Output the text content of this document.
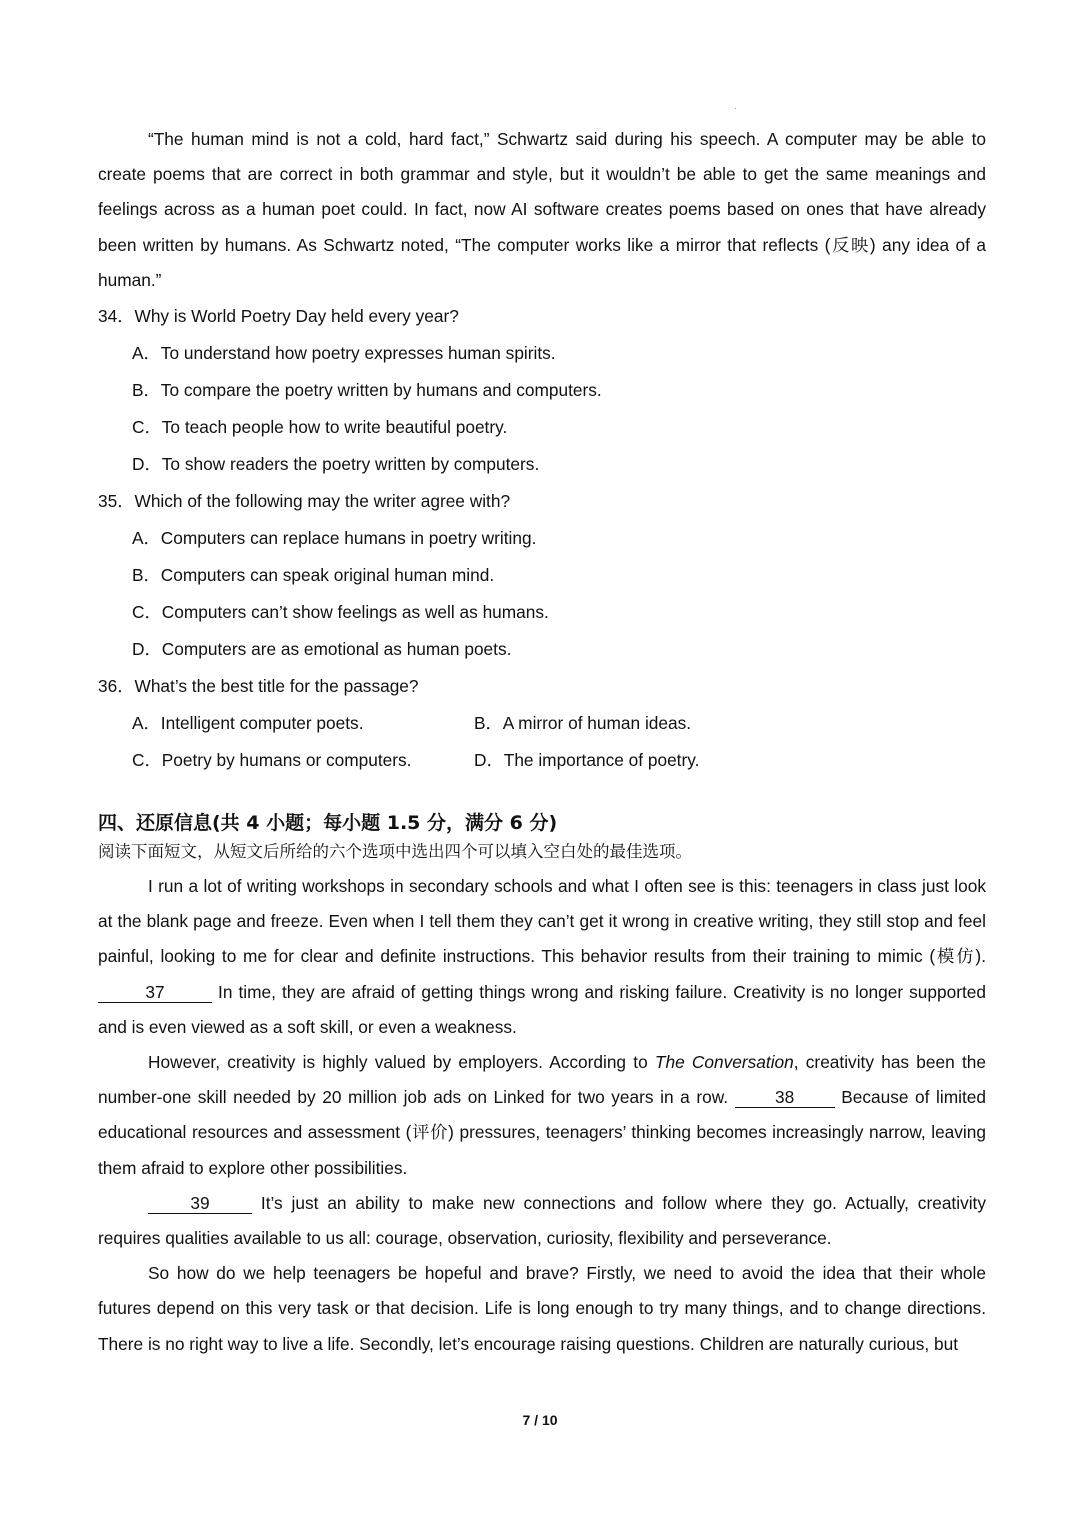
“The human mind is not a cold, hard fact,” Schwartz said during his speech. A computer may be able to create poems that are correct in both grammar and style, but it wouldn’t be able to get the same meanings and feelings across as a human poet could. In fact, now AI software creates poems based on ones that have already been written by humans. As Schwartz noted, “The computer works like a mirror that reflects (反映) any idea of a human.”

34．Why is World Poetry Day held every year?

A．To understand how poetry expresses human spirits.

B．To compare the poetry written by humans and computers.

C．To teach people how to write beautiful poetry.

D．To show readers the poetry written by computers.

35．Which of the following may the writer agree with?

A．Computers can replace humans in poetry writing.

B．Computers can speak original human mind.

C．Computers can’t show feelings as well as humans.

D．Computers are as emotional as human poets.

36．What’s the best title for the passage?

A．Intelligent computer poets.	B．A mirror of human ideas.
C．Poetry by humans or computers.	D．The importance of poetry.

四、还原信息(共 4 小题；每小题 1.5 分，满分 6 分)

阅读下面短文，从短文后所给的六个选项中选出四个可以填入空白处的最佳选项。

I run a lot of writing workshops in secondary schools and what I often see is this: teenagers in class just look at the blank page and freeze. Even when I tell them they can’t get it wrong in creative writing, they still stop and feel painful, looking to me for clear and definite instructions. This behavior results from their training to mimic (模仿). 37	In time, they are afraid of getting things wrong and risking failure. Creativity is no longer supported and is even viewed as a soft skill, or even a weakness.

However, creativity is highly valued by employers. According to The Conversation, creativity has been the number-one skill needed by 20 million job ads on Linked for two years in a row. 38 Because of limited educational resources and assessment (评价) pressures, teenagers’ thinking becomes increasingly narrow, leaving them afraid to explore other possibilities.

39 It’s just an ability to make new connections and follow where they go. Actually, creativity requires qualities available to us all: courage, observation, curiosity, flexibility and perseverance.

So how do we help teenagers be hopeful and brave? Firstly, we need to avoid the idea that their whole futures depend on this very task or that decision. Life is long enough to try many things, and to change directions. There is no right way to live a life. Secondly, let’s encourage raising questions. Children are naturally curious, but

7 / 10
